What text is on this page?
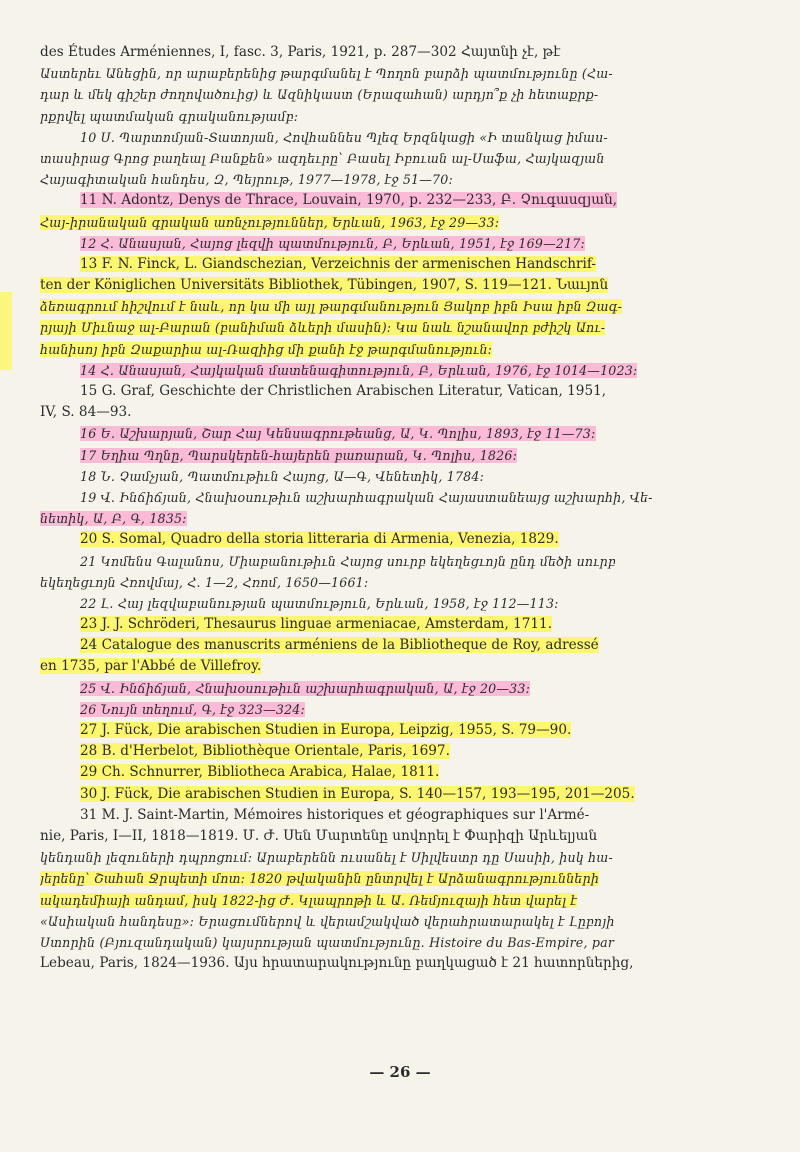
des Études Arméniennes, I, fasc. 3, Paris, 1921, p. 287—302 Հայտնի չէ, թէ
Աստերեւ Անեցին, որ արաբերենից թարգմանել է Պողոն բարձի պատմությունը (Հա-
դար և մեկ գիշեր ժողովածուից) և Ազնիկաստ (Երազահան) արդյո՞ք չի հետաքրք-
րքրվել պատմական գրականությամբ։
10 Ս. Պարտոմյան-Տատոյան, Հովհաննես Պլեզ Երզնկացի «Ի տանկաց իմաս-
տասիրաց Գրոց բաղեալ Բանքեն» ազդեւրը՝ Բասել Իբուան ալ-Սաֆա, Հայկազյան
Հայագիտական հանդես, Զ, Պեյրութ, 1977—1978, էջ 51—70։
11 N. Adontz, Denys de Thrace, Louvain, 1970, p. 232—233, Բ. Չուգասզյան,
Հայ-իրանական գրական առնչություններ, Երևան, 1963, էջ 29—33։
12 Հ. Անասյան, Հայոց լեզվի պատմություն, Բ, Երևան, 1951, էջ 169—217։
13 F. N. Finck, L. Giandschezian, Verzeichnis der armenischen Handschrif-
ten der Königlichen Universitäts Bibliothek, Tübingen, 1907, S. 119—121. Նաւյոն
ձեռագրում հիշվում է նաև, որ կա մի այլ թարգմանություն Յակոբ իբն Իսա իբն Զագ-
րյայի Միւնաջ ալ-Բարան (բանիման ձևերի մասին)։ Կա նաև նշանավոր բժիշկ Աու-
հանիսոյ իբն Զաքարիա ալ-Ռազիից մի քանի էջ թարգմանություն։
14 Հ. Անասյան, Հայկական մատենագիտություն, Բ, Երևան, 1976, էջ 1014—1023։
15 G. Graf, Geschichte der Christlichen Arabischen Literatur, Vatican, 1951,
IV, S. 84—93.
16 Ե. Աշխարյան, Շար Հայ Կենսագրութեանց, Ա, Կ. Պոլիս, 1893, էջ 11—73։
17 Եղիա Պղնը, Պարսկերեն-հայերեն բառարան, Կ. Պոլիս, 1826։
18 Ն. Չամչյան, Պատմութիւն Հայոց, Ա—Գ, Վենետիկ, 1784։
19 Վ. Ինճիճյան, Հնախօսութիւն աշխարհագրական Հայաստանեայց աշխարհի, Վե-
նետիկ, Ա, Բ, Գ, 1835։
20 S. Somal, Quadro della storia litteraria di Armenia, Venezia, 1829.
21 Կոմենս Գալանոս, Միաբանութիւն Հայոց սուրբ եկեղեցւոյն ընդ մեծի սուրբ
եկեղեցւոյն Հռովմայ, Հ. 1—2, Հռոմ, 1650—1661։
22 Լ. Հայ լեզվաբանության պատմություն, Երևան, 1958, էջ 112—113։
23 J. J. Schröderi, Thesaurus linguae armeniacae, Amsterdam, 1711.
24 Catalogue des manuscrits arméniens de la Bibliotheque de Roy, adressé
en 1735, par l'Abbé de Villefroy.
25 Վ. Ինճիճյան, Հնախօսութիւն աշխարհագրական, Ա, էջ 20—33։
26 Նույն տեղում, Գ, էջ 323—324։
27 J. Fück, Die arabischen Studien in Europa, Leipzig, 1955, S. 79—90.
28 B. d'Herbelot, Bibliothèque Orientale, Paris, 1697.
29 Ch. Schnurrer, Bibliotheca Arabica, Halae, 1811.
30 J. Fück, Die arabischen Studien in Europa, S. 140—157, 193—195, 201—205.
31 M. J. Saint-Martin, Mémoires historiques et géographiques sur l'Armé-
nie, Paris, I—II, 1818—1819. Մ. Ժ. Սեն Մարտենը սովորել է Փարիզի Արևելյան
կենդանի լեզուների դպրոցում։ Արաբերենն ուսանել է Սիլվեստր դը Սասիի, իսկ հա-
յերենը՝ Շահան Ջրպետի մոտ։ 1820 թվականին ընտրվել է Արձանագրությունների
ակադեմիայի անդամ, իսկ 1822-ից Ժ. Կլապրոթի և Ա. Ռեմյուզայի հետ վարել է
«Ասիական հանդեսը»։ Երացումներով և վերամշակված վերահրատարակել է Լըբոյի
Ստորին (Բյուզանդական) կայսրության պատմությունը. Histoire du Bas-Empire, par
Lebeau, Paris, 1824—1936. Այս հրատարակությունը բաղկացած է 21 հատորներից,
— 26 —
